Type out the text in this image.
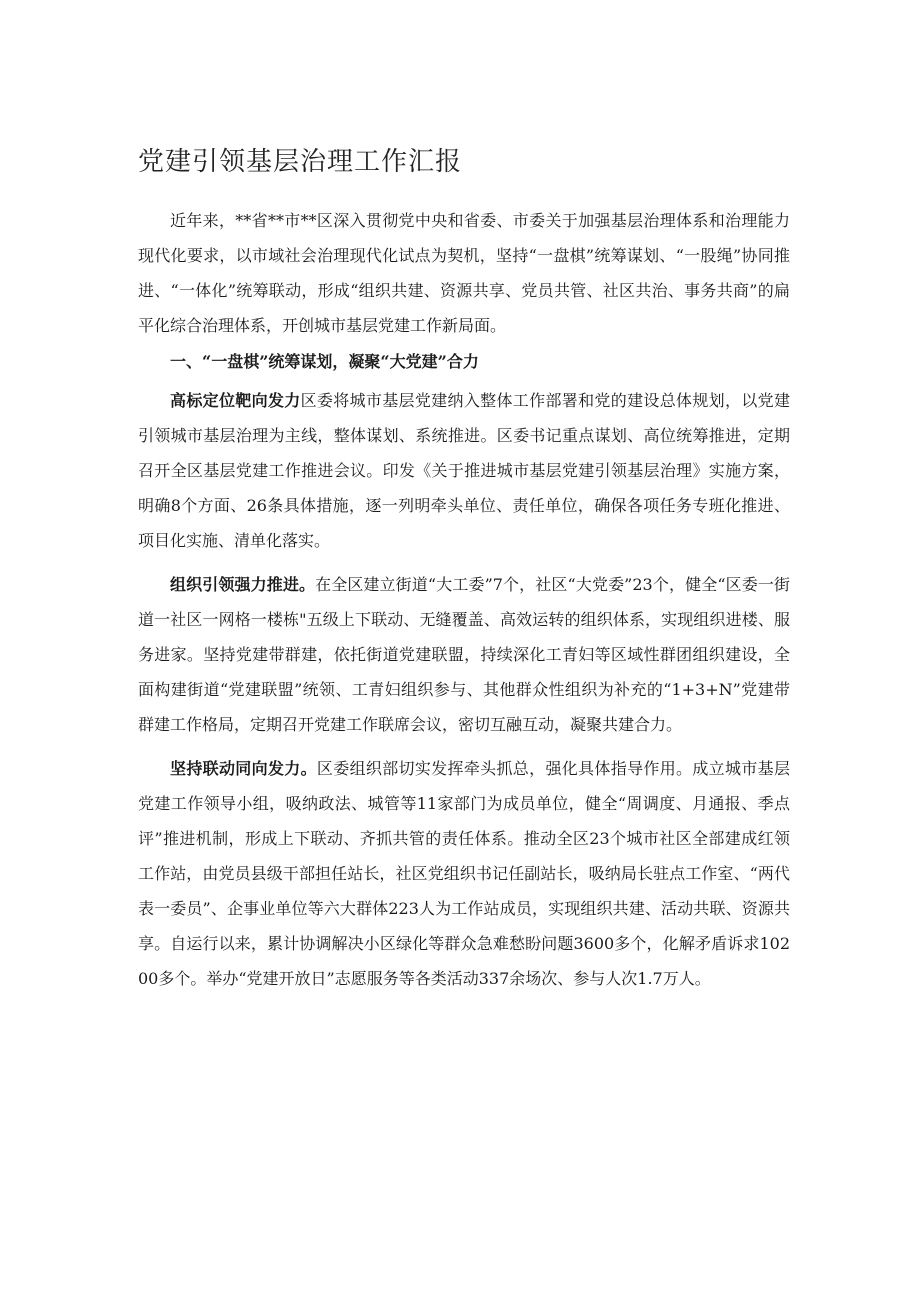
党建引领基层治理工作汇报

近年来，**省**市**区深入贯彻党中央和省委、市委关于加强基层治理体系和治理能力现代化要求，以市域社会治理现代化试点为契机，坚持“一盘棋”统筹谋划、“一股绳”协同推进、“一体化”统筹联动，形成“组织共建、资源共享、党员共管、社区共治、事务共商”的扁平化综合治理体系，开创城市基层党建工作新局面。

一、“一盘棋”统筹谋划，凝聚“大党建”合力

高标定位靶向发力区委将城市基层党建纳入整体工作部署和党的建设总体规划，以党建引领城市基层治理为主线，整体谋划、系统推进。区委书记重点谋划、高位统筹推进，定期召开全区基层党建工作推进会议。印发《关于推进城市基层党建引领基层治理》实施方案，明确8个方面、26条具体措施，逐一列明牵头单位、责任单位，确保各项任务专班化推进、项目化实施、清单化落实。

组织引领强力推进。在全区建立街道“大工委”7个，社区“大党委”23个，健全“区委一街道一社区一网格一楼栋"五级上下联动、无缝覆盖、高效运转的组织体系，实现组织进楼、服务进家。坚持党建带群建，依托街道党建联盟，持续深化工青妇等区域性群团组织建设，全面构建街道“党建联盟”统领、工青妇组织参与、其他群众性组织为补充的“1+3+N”党建带群建工作格局，定期召开党建工作联席会议，密切互融互动，凝聚共建合力。

坚持联动同向发力。区委组织部切实发挥牵头抓总，强化具体指导作用。成立城市基层党建工作领导小组，吸纳政法、城管等11家部门为成员单位，健全“周调度、月通报、季点评”推进机制，形成上下联动、齐抓共管的责任体系。推动全区23个城市社区全部建成红领工作站，由党员县级干部担任站长，社区党组织书记任副站长，吸纳局长驻点工作室、“两代表一委员”、企事业单位等六大群体223人为工作站成员，实现组织共建、活动共联、资源共享。自运行以来，累计协调解决小区绿化等群众急难愁盼问题3600多个，化解矛盾诉求10200多个。举办“党建开放日”志愿服务等各类活动337余场次、参与人次1.7万人。
